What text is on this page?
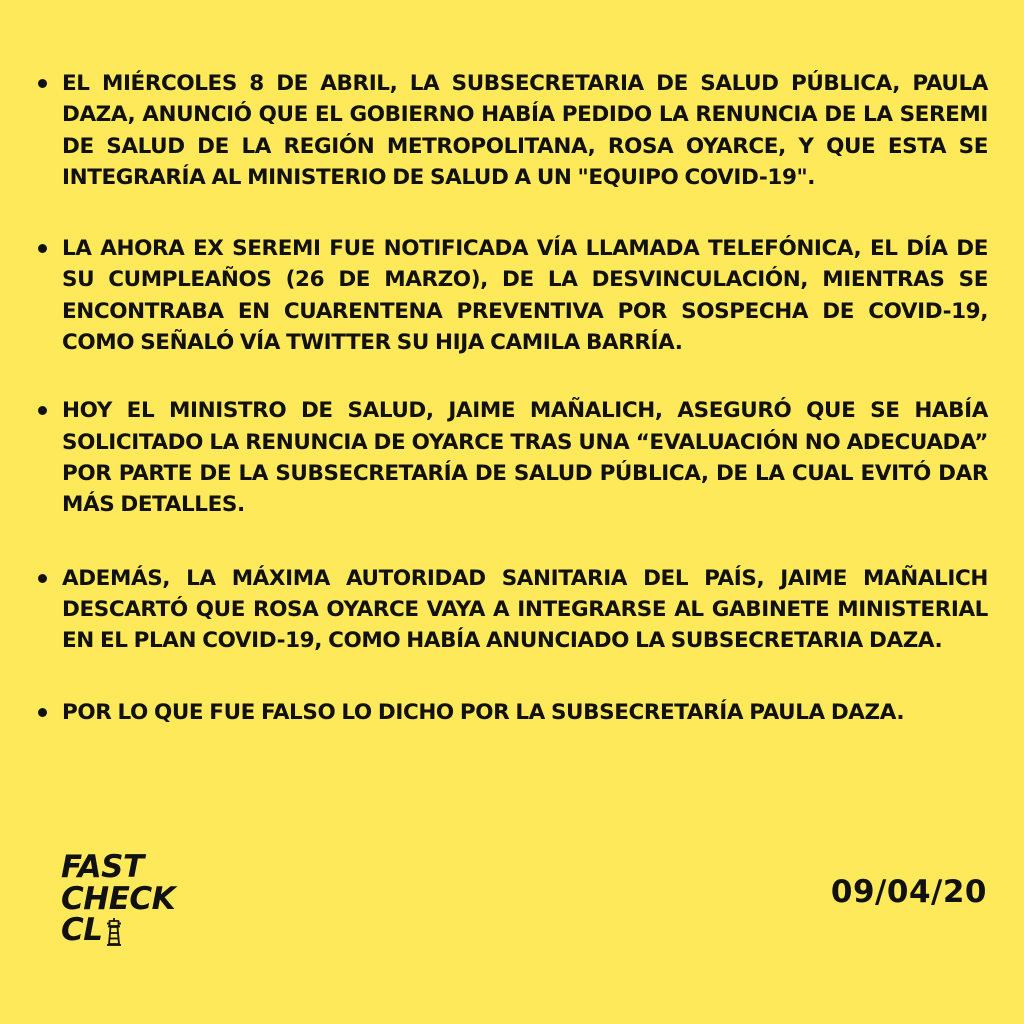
EL MIÉRCOLES 8 DE ABRIL, LA SUBSECRETARIA DE SALUD PÚBLICA, PAULA DAZA, ANUNCIÓ QUE EL GOBIERNO HABÍA PEDIDO LA RENUNCIA DE LA SEREMI DE SALUD DE LA REGIÓN METROPOLITANA, ROSA OYARCE, Y QUE ESTA SE INTEGRARÍA AL MINISTERIO DE SALUD A UN "EQUIPO COVID-19".
LA AHORA EX SEREMI FUE NOTIFICADA VÍA LLAMADA TELEFÓNICA, EL DÍA DE SU CUMPLEAÑOS (26 DE MARZO), DE LA DESVINCULACIÓN, MIENTRAS SE ENCONTRABA EN CUARENTENA PREVENTIVA POR SOSPECHA DE COVID-19, COMO SEÑALÓ VÍA TWITTER SU HIJA CAMILA BARRÍA.
HOY EL MINISTRO DE SALUD, JAIME MAÑALICH, ASEGURÓ QUE SE HABÍA SOLICITADO LA RENUNCIA DE OYARCE TRAS UNA “EVALUACIÓN NO ADECUADA” POR PARTE DE LA SUBSECRETARÍA DE SALUD PÚBLICA, DE LA CUAL EVITÓ DAR MÁS DETALLES.
ADEMÁS, LA MÁXIMA AUTORIDAD SANITARIA DEL PAÍS, JAIME MAÑALICH DESCARTÓ QUE ROSA OYARCE VAYA A INTEGRARSE AL GABINETE MINISTERIAL EN EL PLAN COVID-19, COMO HABÍA ANUNCIADO LA SUBSECRETARIA DAZA.
POR LO QUE FUE FALSO LO DICHO POR LA SUBSECRETARÍA PAULA DAZA.
FAST
CHECK
CL
09/04/20
